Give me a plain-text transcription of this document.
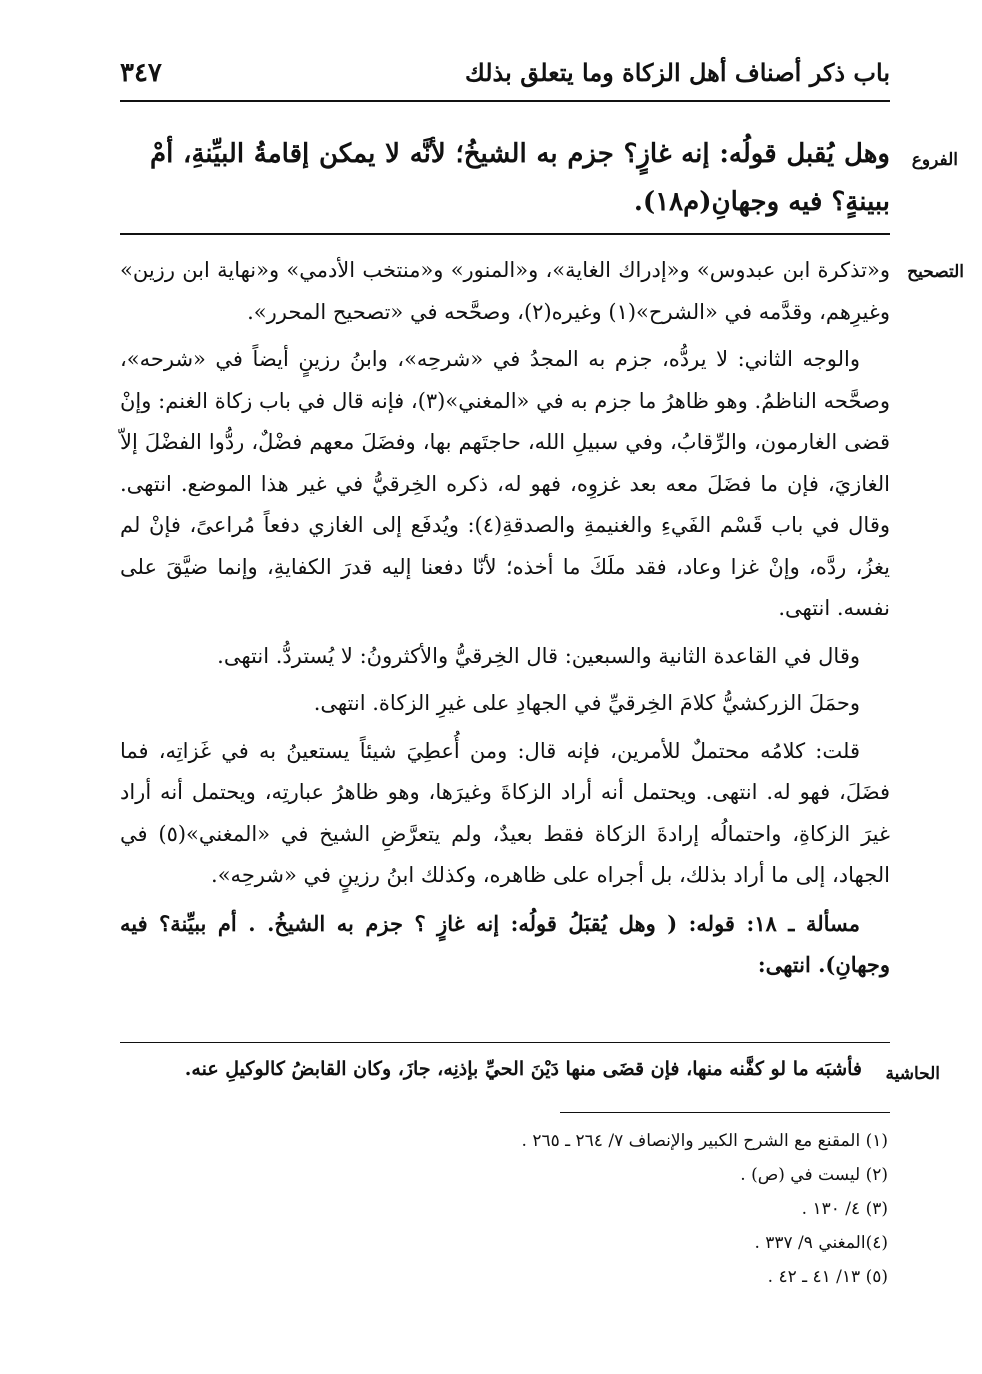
باب ذكر أصناف أهل الزكاة وما يتعلق بذلك
٣٤٧
الفروع
وهل يُقبل قولُه: إنه غازٍ؟ جزم به الشيخُ؛ لأنَّه لا يمكن إقامةُ البيِّنةِ، أمْ ببينةٍ؟ فيه وجهانِ(م١٨).
التصحيح

و«تذكرة ابن عبدوس» و«إدراك الغاية»، و«المنور» و«منتخب الأدمي» و«نهاية ابن رزين» وغيرِهم، وقدَّمه في «الشرح»(١) وغيره(٢)، وصحَّحه في «تصحيح المحرر».

والوجه الثاني: لا يردُّه، جزم به المجدُ في «شرحِه»، وابنُ رزينٍ أيضاً في «شرحه»، وصحَّحه الناظمُ. وهو ظاهرُ ما جزم به في «المغني»(٣)، فإنه قال في باب زكاة الغنم: وإنْ قضى الغارمون، والرِّقابُ، وفي سبيلِ الله، حاجتَهم بها، وفضَلَ معهم فضْلٌ، ردُّوا الفضْلَ إلاّ الغازيَ، فإن ما فضَلَ معه بعد غزوِه، فهو له، ذكره الخِرقيُّ في غير هذا الموضع. انتهى. وقال في باب قَسْم الفَيءِ والغنيمةِ والصدقةِ(٤): ويُدفَع إلى الغازي دفعاً مُراعىً، فإنْ لم يغزُ، ردَّه، وإنْ غزا وعاد، فقد ملَكَ ما أخذه؛ لأنّا دفعنا إليه قدرَ الكفايةِ، وإنما ضيَّقَ على نفسه. انتهى.

وقال في القاعدة الثانية والسبعين: قال الخِرقيُّ والأكثرونُ: لا يُستردُّ. انتهى.

وحمَلَ الزركشيُّ كلامَ الخِرقيِّ في الجهادِ على غيرِ الزكاة. انتهى.

قلت: كلامُه محتملٌ للأمرين، فإنه قال: ومن أُعطِيَ شيئاً يستعينُ به في غَزاتِه، فما فضَلَ، فهو له. انتهى. ويحتمل أنه أراد الزكاةَ وغيرَها، وهو ظاهرُ عبارتِه، ويحتمل أنه أراد غيرَ الزكاةِ، واحتمالُه إرادةَ الزكاة فقط بعيدٌ، ولم يتعرَّضِ الشيخ في «المغني»(٥) في الجهاد، إلى ما أراد بذلك، بل أجراه على ظاهره، وكذلك ابنُ رزينٍ في «شرحِه».

مسألة ـ ١٨: قوله: ( وهل يُقبَلُ قولُه: إنه غازٍ ؟ جزم به الشيخُ. . أم ببيِّنة؟ فيه وجهانِ). انتهى:

الحاشية
فأشبَه ما لو كفَّنه منها، فإن قضَى منها دَيْنَ الحيِّ بإذنِه، جازَ، وكان القابضُ كالوكيلِ عنه.
(١) المقنع مع الشرح الكبير والإنصاف ٧/ ٢٦٤ ـ ٢٦٥ .
(٢) ليست في (ص) .
(٣) ٤/ ١٣٠ .
(٤)المغني ٩/ ٣٣٧ .
(٥) ١٣/ ٤١ ـ ٤٢ .
